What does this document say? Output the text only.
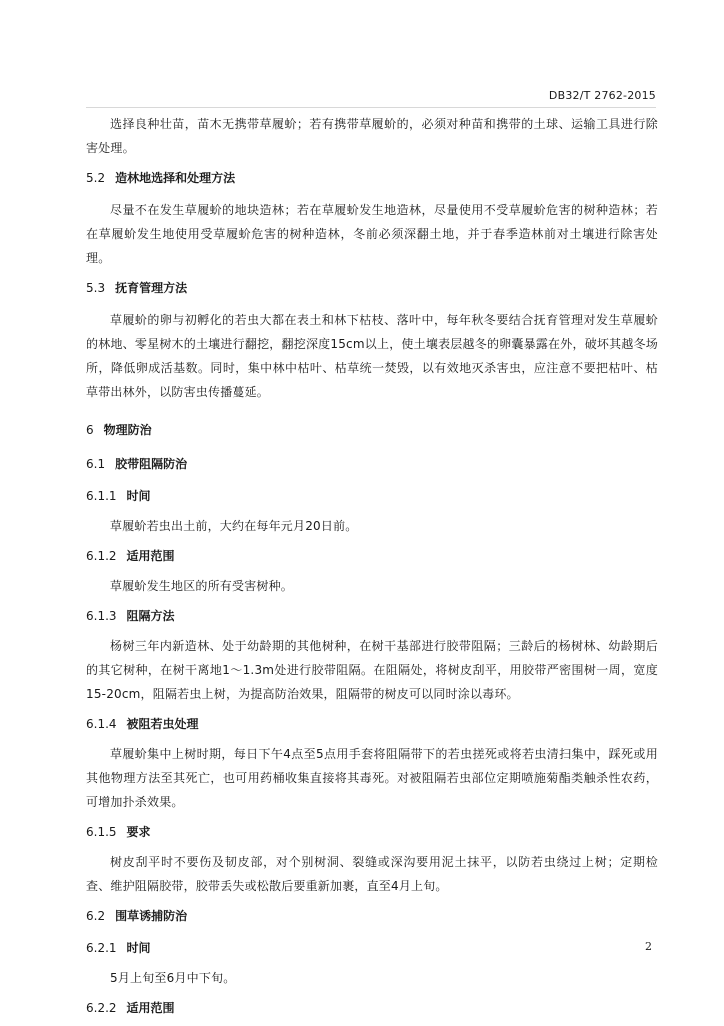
DB32/T 2762-2015

选择良种壮苗，苗木无携带草履蚧；若有携带草履蚧的，必须对种苗和携带的土球、运输工具进行除害处理。

5.2 造林地选择和处理方法

尽量不在发生草履蚧的地块造林；若在草履蚧发生地造林，尽量使用不受草履蚧危害的树种造林；若在草履蚧发生地使用受草履蚧危害的树种造林，冬前必须深翻土地，并于春季造林前对土壤进行除害处理。

5.3 抚育管理方法

草履蚧的卵与初孵化的若虫大都在表土和林下枯枝、落叶中，每年秋冬要结合抚育管理对发生草履蚧的林地、零星树木的土壤进行翻挖，翻挖深度15cm以上，使土壤表层越冬的卵囊暴露在外，破坏其越冬场所，降低卵成活基数。同时，集中林中枯叶、枯草统一焚毁，以有效地灭杀害虫，应注意不要把枯叶、枯草带出林外，以防害虫传播蔓延。

6 物理防治
6.1 胶带阻隔防治
6.1.1 时间

草履蚧若虫出土前，大约在每年元月20日前。

6.1.2 适用范围

草履蚧发生地区的所有受害树种。

6.1.3 阻隔方法

杨树三年内新造林、处于幼龄期的其他树种，在树干基部进行胶带阻隔；三龄后的杨树林、幼龄期后的其它树种，在树干离地1～1.3m处进行胶带阻隔。在阻隔处，将树皮刮平，用胶带严密围树一周，宽度15-20cm，阻隔若虫上树，为提高防治效果，阻隔带的树皮可以同时涂以毒环。

6.1.4 被阻若虫处理

草履蚧集中上树时期，每日下午4点至5点用手套将阻隔带下的若虫搓死或将若虫清扫集中，踩死或用其他物理方法至其死亡，也可用药桶收集直接将其毒死。对被阻隔若虫部位定期喷施菊酯类触杀性农药，可增加扑杀效果。

6.1.5 要求

树皮刮平时不要伤及韧皮部，对个别树洞、裂缝或深沟要用泥土抹平，以防若虫绕过上树；定期检查、维护阻隔胶带，胶带丢失或松散后要重新加裹，直至4月上旬。

6.2 围草诱捕防治
6.2.1 时间

5月上旬至6月中下旬。

6.2.2 适用范围
2
